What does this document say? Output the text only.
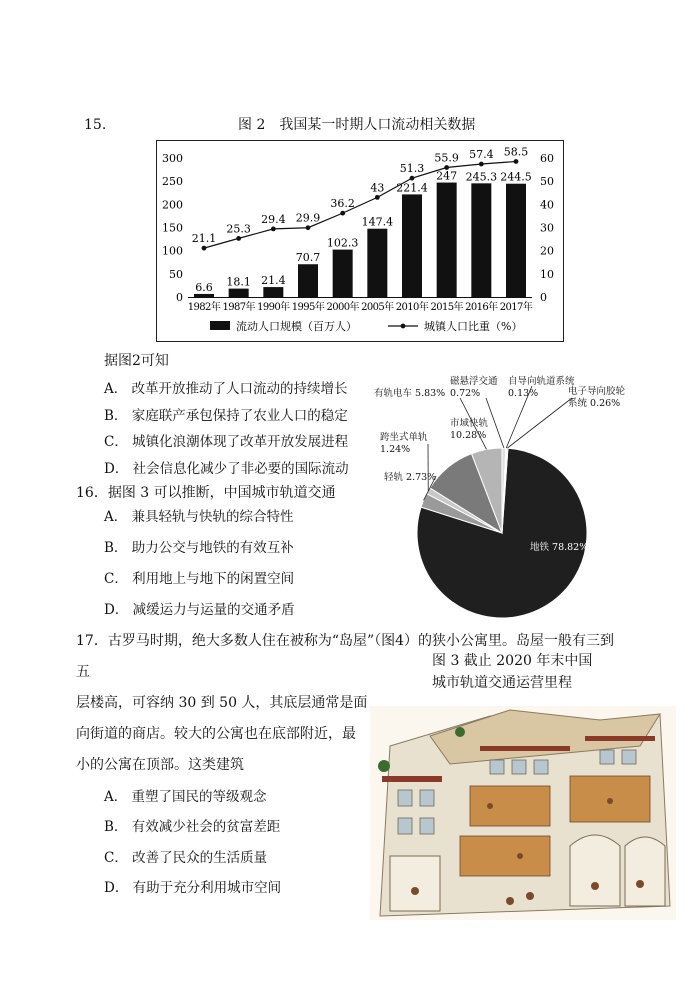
15.	图 2　我国某一时期人口流动相关数据
0
50
100
150
200
250
300
0
10
20
30
40
50
60
6.6 18.1 21.4
70.7
102.3
147.4
221.4
247 245.3 244.5
21.1
25.3
29.4 29.9
36.2
43
51.3
55.9 57.4 58.5
1982年 1987年 1990年 1995年 2000年 2005年 2010年 2015年 2016年 2017年
流动人口规模（百万人）	城镇人口比重（%）
据图2可知
A． 改革开放推动了人口流动的持续增长
B． 家庭联产承包保持了农业人口的稳定
C． 城镇化浪潮体现了改革开放发展进程
D． 社会信息化减少了非必要的国际流动
地铁 78.82%
轻轨 2.73%
跨坐式单轨
1.24%
市域快轨
10.28%
有轨电车 5.83%
磁悬浮交通
0.72%
自导向轨道系统
0.13%	电子导向胶轮
系统 0.26%
16．据图 3 可以推断，中国城市轨道交通
A． 兼具轻轨与快轨的综合特性
B． 助力公交与地铁的有效互补
C． 利用地上与地下的闲置空间
D． 减缓运力与运量的交通矛盾
17．古罗马时期，绝大多数人住在被称为“岛屋”（图4）的狭小公寓里。岛屋一般有三到
图 3 截止 2020 年末中国
五
城市轨道交通运营里程
层楼高，可容纳 30 到 50 人，其底层通常是面
向街道的商店。较大的公寓也在底部附近，最
小的公寓在顶部。这类建筑
A． 重塑了国民的等级观念
B． 有效减少社会的贫富差距
C． 改善了民众的生活质量
D． 有助于充分利用城市空间
